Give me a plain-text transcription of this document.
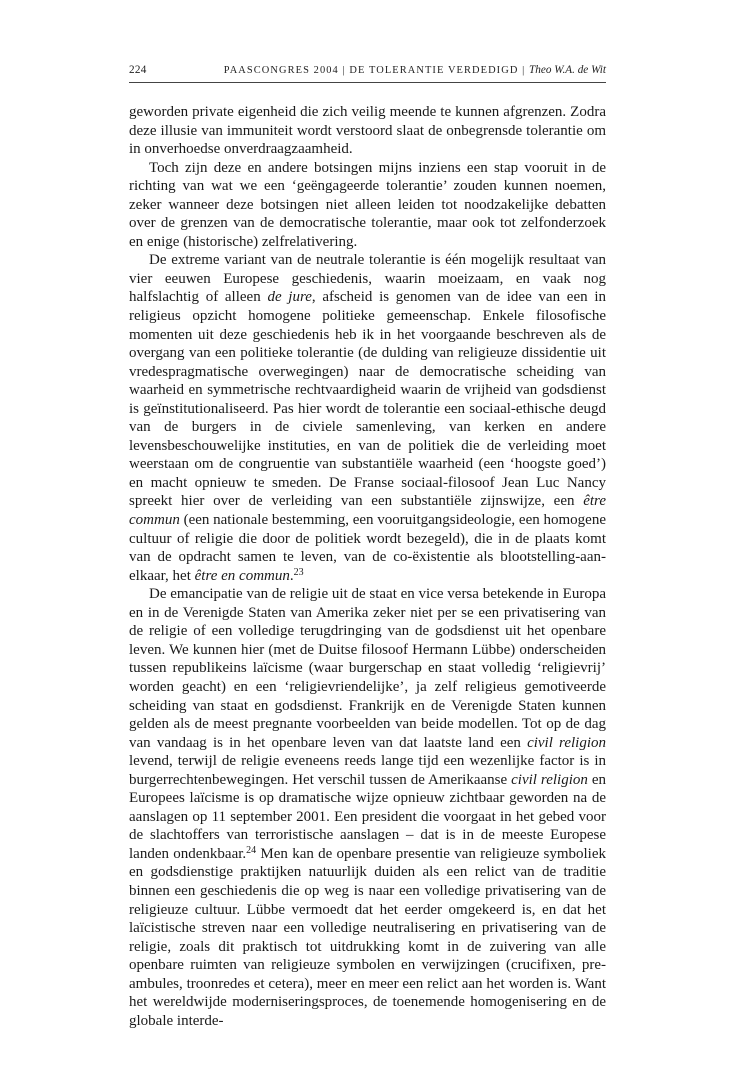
224	PAASCONGRES 2004 | DE TOLERANTIE VERDEDIGD | Theo W.A. de Wit

geworden private eigenheid die zich veilig meende te kunnen afgrenzen. Zodra deze illusie van immuniteit wordt verstoord slaat de onbegrensde tolerantie om in onverhoedse onverdraagzaamheid.

Toch zijn deze en andere botsingen mijns inziens een stap vooruit in de richting van wat we een ‘geëngageerde tolerantie’ zouden kunnen noemen, zeker wanneer deze botsingen niet alleen leiden tot noodzakelijke debatten over de grenzen van de democratische tolerantie, maar ook tot zelfonderzoek en enige (historische) zelfrelativering.

De extreme variant van de neutrale tolerantie is één mogelijk resultaat van vier eeuwen Europese geschiedenis, waarin moeizaam, en vaak nog halfslachtig of alleen de jure, afscheid is genomen van de idee van een in religieus opzicht homogene politieke gemeenschap. Enkele filosofische momenten uit deze geschiedenis heb ik in het voorgaande beschreven als de overgang van een politieke tolerantie (de dulding van religieuze dissidentie uit vredespragmatische overwegingen) naar de democratische scheiding van waarheid en symmetrische rechtvaardigheid waarin de vrijheid van godsdienst is geïnstitutionaliseerd. Pas hier wordt de tolerantie een sociaal-ethische deugd van de burgers in de civiele samenleving, van kerken en andere levensbeschouwelijke instituties, en van de politiek die de verleiding moet weerstaan om de congruentie van substantiële waarheid (een ‘hoogste goed’) en macht opnieuw te smeden. De Franse sociaal-filosoof Jean Luc Nancy spreekt hier over de verleiding van een substantiële zijnswijze, een être commun (een nationale bestemming, een vooruitgangsideologie, een homogene cultuur of religie die door de politiek wordt bezegeld), die in de plaats komt van de opdracht samen te leven, van de co-ëxistentie als blootstelling-aan-elkaar, het être en commun.$^{23}$

De emancipatie van de religie uit de staat en vice versa betekende in Europa en in de Verenigde Staten van Amerika zeker niet per se een privatisering van de religie of een volledige terugdringing van de godsdienst uit het openbare leven. We kunnen hier (met de Duitse filosoof Hermann Lübbe) onderscheiden tussen republikeins laïcisme (waar burgerschap en staat volledig ‘religievrij’ worden geacht) en een ‘religievriendelijke’, ja zelf religieus gemotiveerde scheiding van staat en godsdienst. Frankrijk en de Verenigde Staten kunnen gelden als de meest pregnante voorbeelden van beide modellen. Tot op de dag van vandaag is in het openbare leven van dat laatste land een civil religion levend, terwijl de religie eveneens reeds lange tijd een wezenlijke factor is in burgerrechtenbewegingen. Het verschil tussen de Amerikaanse civil religion en Europees laïcisme is op dramatische wijze opnieuw zichtbaar geworden na de aanslagen op 11 september 2001. Een president die voorgaat in het gebed voor de slachtoffers van terroristische aanslagen – dat is in de meeste Europese landen ondenkbaar.$^{24}$ Men kan de openbare presentie van religieuze symboliek en godsdienstige praktijken natuurlijk duiden als een relict van de traditie binnen een geschiedenis die op weg is naar een volledige privatisering van de religieuze cultuur. Lübbe vermoedt dat het eerder omgekeerd is, en dat het laïcistische streven naar een volledige neutralisering en privatisering van de religie, zoals dit praktisch tot uitdrukking komt in de zuivering van alle openbare ruimten van religieuze symbolen en verwijzingen (crucifixen, pre-ambules, troonredes et cetera), meer en meer een relict aan het worden is. Want het wereldwijde moderniseringsproces, de toenemende homogenisering en de globale interde-
